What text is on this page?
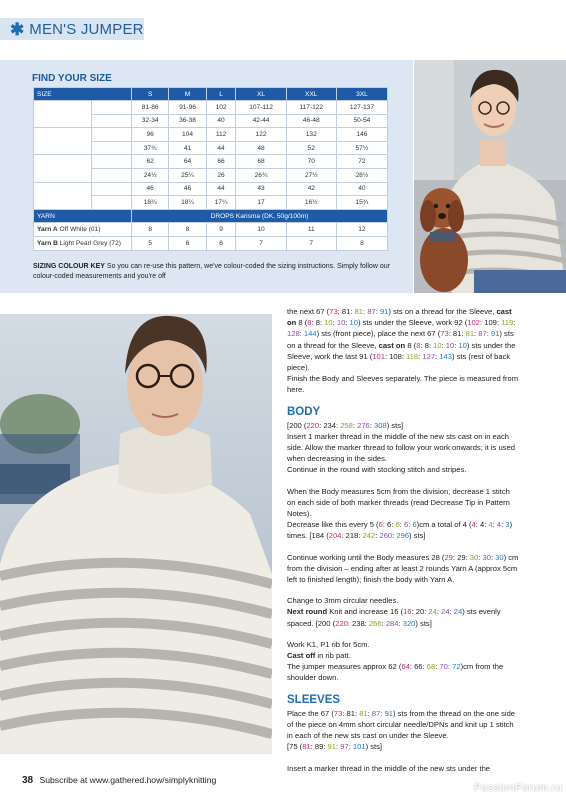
✱ MEN'S JUMPER
FIND YOUR SIZE
SIZE		S	M	L	XL	XXL	3XL
TO FIT CHEST	cm	81-86	91-96	102	107-112	117-122	127-137
	in	32-34	36-38	40	42-44	46-48	50-54
ACTUAL CHEST	cm	96	104	112	122	132	146
	in	37¾	41	44	48	52	57½
LENGTH	cm	62	64	66	68	70	72
	in	24½	25¼	26	26¾	27½	28½
SLEEVE LENGTH	cm	46	46	44	43	42	40
	in	18¼	18¼	17¼	17	16½	15¾
YARN		DROPS Karisma (DK, 50g/100m)					
Yarn A Off White (01)		8	8	9	10	11	12
Yarn B Light Pearl Grey (72)		5	6	6	7	7	8
SIZING COLOUR KEY So you can re-use this pattern, we've colour-coded the sizing instructions. Simply follow our colour-coded measurements and you're off

the next 67 (73: 81: 81: 87: 91) sts on a thread for the Sleeve, cast on 8 (8: 8: 10: 10: 10) sts under the Sleeve, work 92 (102: 109: 119: 128: 144) sts (front piece), place the next 67 (73: 81: 81: 87: 91) sts on a thread for the Sleeve, cast on 8 (8: 8: 10: 10: 10) sts under the Sleeve, work the last 91 (101: 108: 118: 127: 143) sts (rest of back piece).
Finish the Body and Sleeves separately. The piece is measured from here.

BODY

[200 (220: 234: 258: 276: 308) sts]
Insert 1 marker thread in the middle of the new sts cast on in each side. Allow the marker thread to follow your work onwards; it is used when decreasing in the sides.
Continue in the round with stocking stitch and stripes.

When the Body measures 5cm from the division, decrease 1 stitch on each side of both marker threads (read Decrease Tip in Pattern Notes).
Decrease like this every 5 (6: 6: 6: 6: 6)cm a total of 4 (4: 4: 4: 4: 3) times. [184 (204: 218: 242: 260: 296) sts]

Continue working until the Body measures 28 (29: 29: 30: 30: 30) cm from the division – ending after at least 2 rounds Yarn A (approx 5cm left to finished length); finish the body with Yarn A.

Change to 3mm circular needles.
Next round Knit and increase 16 (16: 20: 24: 24: 24) sts evenly spaced. [200 (220: 238: 266: 284: 320) sts]

Work K1, P1 rib for 5cm.
Cast off in rib patt.
The jumper measures approx 62 (64: 66: 68: 70: 72)cm from the shoulder down.

SLEEVES

Place the 67 (73: 81: 81: 87: 91) sts from the thread on the one side of the piece on 4mm short circular needle/DPNs and knit up 1 stitch in each of the new sts cast on under the Sleeve.
[75 (81: 89: 91: 97: 101) sts]

Insert a marker thread in the middle of the new sts under the

38 Subscribe at www.gathered.how/simplyknitting
PassionForum.ru
